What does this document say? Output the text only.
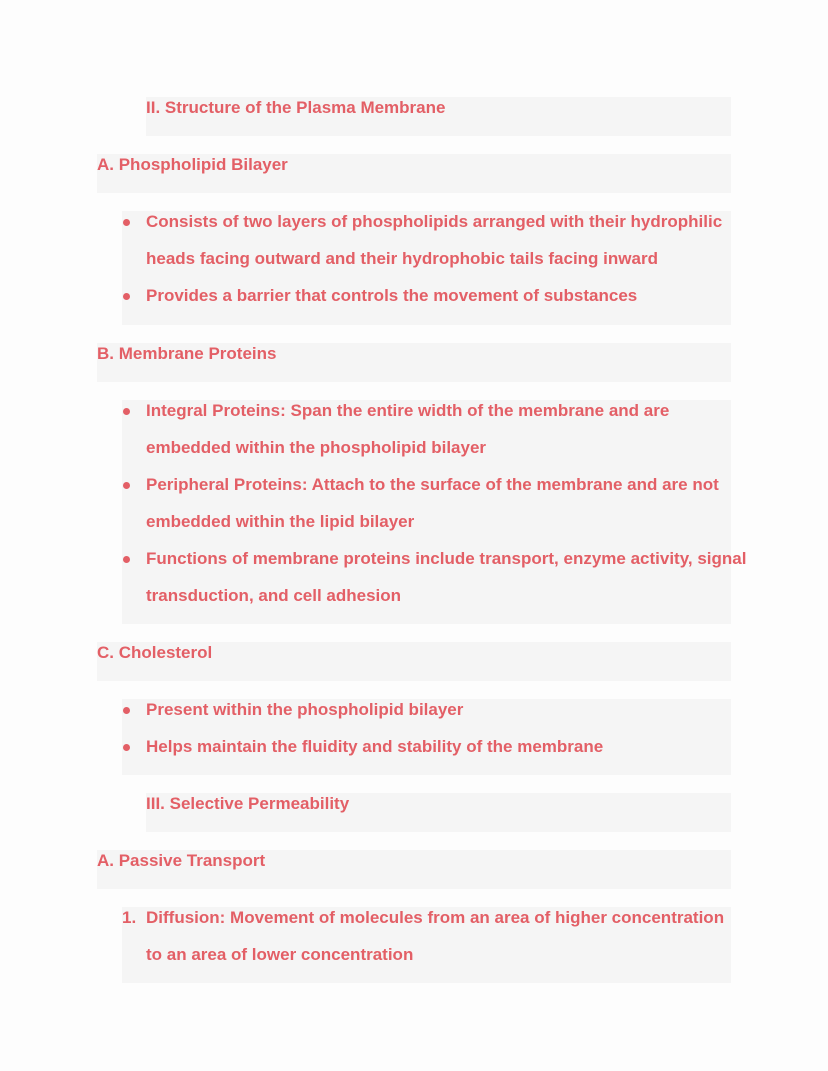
II. Structure of the Plasma Membrane
A. Phospholipid Bilayer
Consists of two layers of phospholipids arranged with their hydrophilic
heads facing outward and their hydrophobic tails facing inward
Provides a barrier that controls the movement of substances
B. Membrane Proteins
Integral Proteins: Span the entire width of the membrane and are
embedded within the phospholipid bilayer
Peripheral Proteins: Attach to the surface of the membrane and are not
embedded within the lipid bilayer
Functions of membrane proteins include transport, enzyme activity, signal
transduction, and cell adhesion
C. Cholesterol
Present within the phospholipid bilayer
Helps maintain the fluidity and stability of the membrane
III. Selective Permeability
A. Passive Transport
1. Diffusion: Movement of molecules from an area of higher concentration
to an area of lower concentration
